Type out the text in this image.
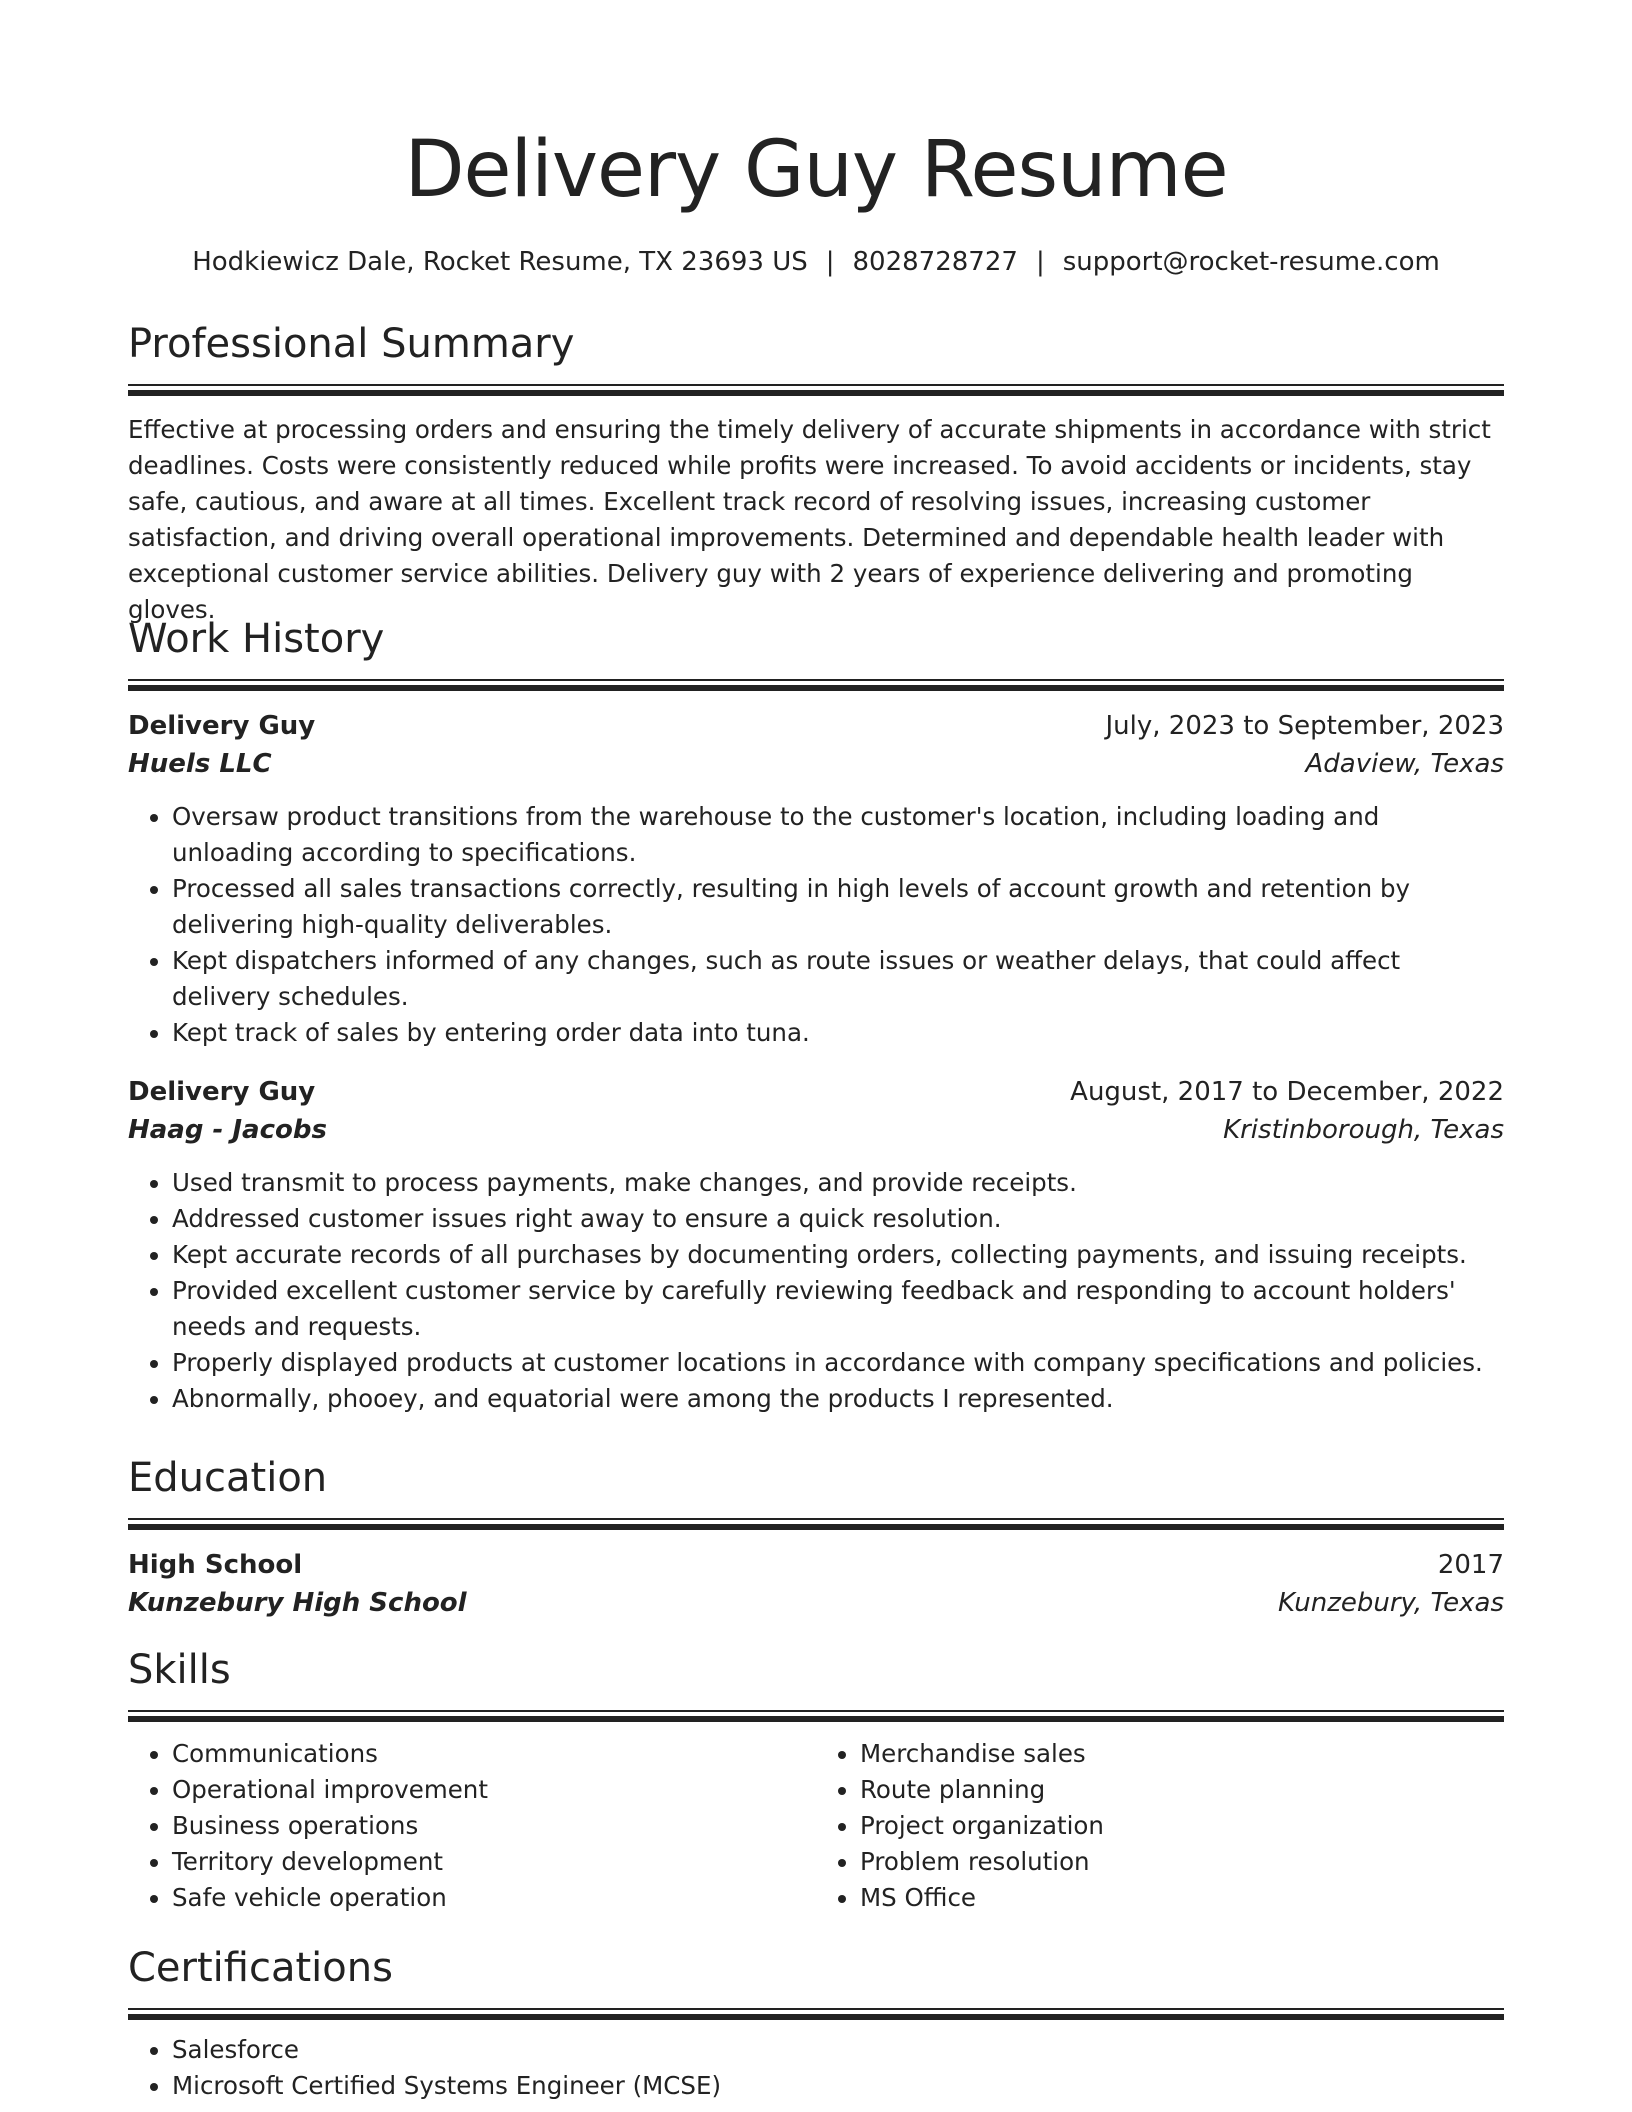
Delivery Guy Resume
Hodkiewicz Dale, Rocket Resume, TX 23693 US | 8028728727 | support@rocket-resume.com
Professional Summary

Effective at processing orders and ensuring the timely delivery of accurate shipments in accordance with strict deadlines. Costs were consistently reduced while profits were increased. To avoid accidents or incidents, stay safe, cautious, and aware at all times. Excellent track record of resolving issues, increasing customer satisfaction, and driving overall operational improvements. Determined and dependable health leader with exceptional customer service abilities. Delivery guy with 2 years of experience delivering and promoting gloves.

Work History
Delivery Guy	July, 2023 to September, 2023
Huels LLC	Adaview, Texas
• Oversaw product transitions from the warehouse to the customer's location, including loading and unloading according to specifications.
• Processed all sales transactions correctly, resulting in high levels of account growth and retention by delivering high-quality deliverables.
• Kept dispatchers informed of any changes, such as route issues or weather delays, that could affect delivery schedules.
• Kept track of sales by entering order data into tuna.
Delivery Guy	August, 2017 to December, 2022
Haag - Jacobs	Kristinborough, Texas
• Used transmit to process payments, make changes, and provide receipts.
• Addressed customer issues right away to ensure a quick resolution.
• Kept accurate records of all purchases by documenting orders, collecting payments, and issuing receipts.
• Provided excellent customer service by carefully reviewing feedback and responding to account holders' needs and requests.
• Properly displayed products at customer locations in accordance with company specifications and policies.
• Abnormally, phooey, and equatorial were among the products I represented.
Education
High School	2017
Kunzebury High School	Kunzebury, Texas
Skills
• Communications
• Operational improvement
• Business operations
• Territory development
• Safe vehicle operation
• Merchandise sales
• Route planning
• Project organization
• Problem resolution
• MS Office
Certifications
• Salesforce
• Microsoft Certified Systems Engineer (MCSE)
